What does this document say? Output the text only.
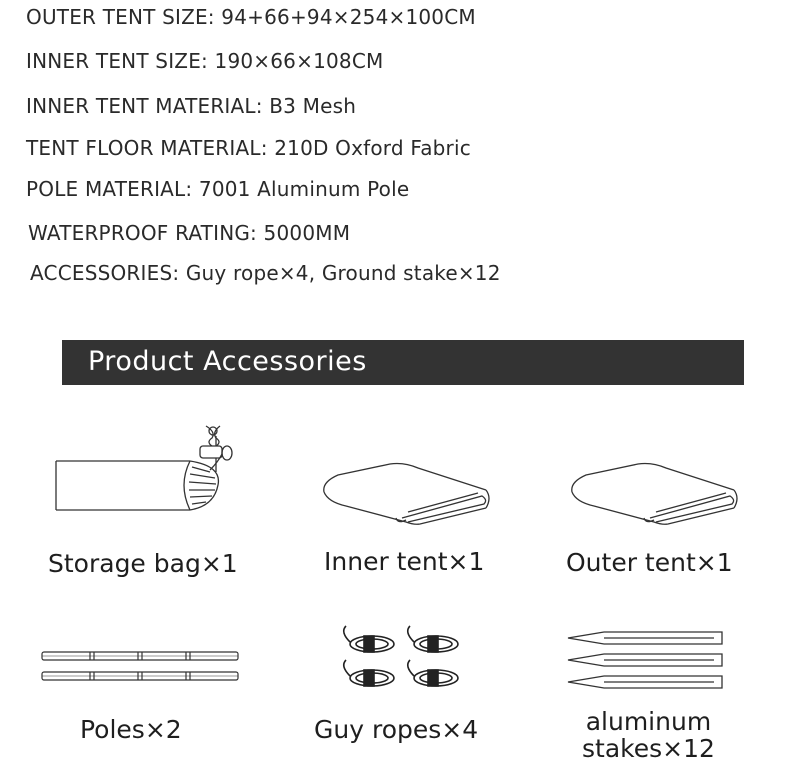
OUTER TENT SIZE: 94+66+94×254×100CM
INNER TENT SIZE: 190×66×108CM
INNER TENT MATERIAL: B3 Mesh
TENT FLOOR MATERIAL: 210D Oxford Fabric
POLE MATERIAL: 7001 Aluminum Pole
WATERPROOF RATING: 5000MM
ACCESSORIES: Guy rope×4, Ground stake×12
Product Accessories
Storage bag×1	Inner tent×1	Outer tent×1
Poles×2	Guy ropes×4	aluminum
stakes×12
